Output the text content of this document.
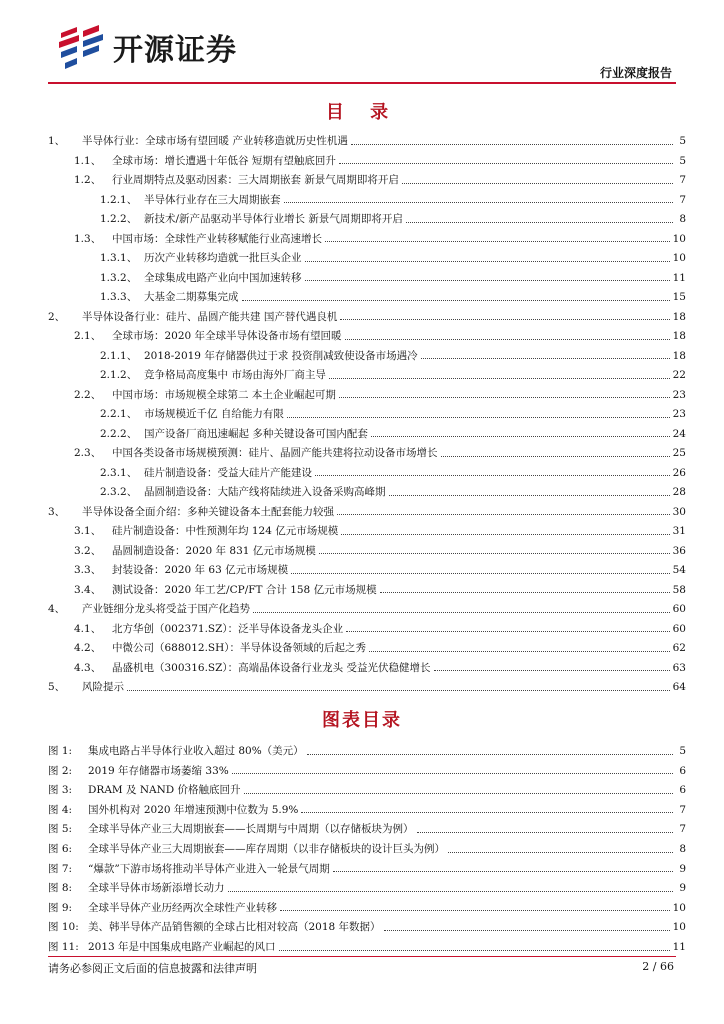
开源证券
行业深度报告
目 录
1、	半导体行业：全球市场有望回暖 产业转移造就历史性机遇	5
1.1、	全球市场：增长遭遇十年低谷 短期有望触底回升	5
1.2、	行业周期特点及驱动因素：三大周期嵌套 新景气周期即将开启	7
1.2.1、 半导体行业存在三大周期嵌套	7
1.2.2、 新技术/新产品驱动半导体行业增长 新景气周期即将开启	8
1.3、	中国市场：全球性产业转移赋能行业高速增长	10
1.3.1、 历次产业转移均造就一批巨头企业	10
1.3.2、 全球集成电路产业向中国加速转移	11
1.3.3、 大基金二期募集完成	15
2、	半导体设备行业：硅片、晶圆产能共建 国产替代遇良机	18
2.1、	全球市场：2020 年全球半导体设备市场有望回暖	18
2.1.1、 2018-2019 年存储器供过于求 投资削减致使设备市场遇冷	18
2.1.2、 竞争格局高度集中 市场由海外厂商主导	22
2.2、	中国市场：市场规模全球第二 本土企业崛起可期	23
2.2.1、 市场规模近千亿 自给能力有限	23
2.2.2、 国产设备厂商迅速崛起 多种关键设备可国内配套	24
2.3、	中国各类设备市场规模预测：硅片、晶圆产能共建将拉动设备市场增长	25
2.3.1、 硅片制造设备：受益大硅片产能建设	26
2.3.2、 晶圆制造设备：大陆产线将陆续进入设备采购高峰期	28
3、	半导体设备全面介绍：多种关键设备本土配套能力较强	30
3.1、	硅片制造设备：中性预测年均 124 亿元市场规模	31
3.2、	晶圆制造设备：2020 年 831 亿元市场规模	36
3.3、	封装设备：2020 年 63 亿元市场规模	54
3.4、	测试设备：2020 年工艺/CP/FT 合计 158 亿元市场规模	58
4、	产业链细分龙头将受益于国产化趋势	60
4.1、	北方华创（002371.SZ）：泛半导体设备龙头企业	60
4.2、	中微公司（688012.SH）：半导体设备领域的后起之秀	62
4.3、	晶盛机电（300316.SZ）：高端晶体设备行业龙头 受益光伏稳健增长	63
5、	风险提示	64
图表目录
图 1:	集成电路占半导体行业收入超过 80%（美元）	5
图 2:	2019 年存储器市场萎缩 33%	6
图 3:	DRAM 及 NAND 价格触底回升	6
图 4:	国外机构对 2020 年增速预测中位数为 5.9%	7
图 5:	全球半导体产业三大周期嵌套——长周期与中周期（以存储板块为例）	7
图 6:	全球半导体产业三大周期嵌套——库存周期（以非存储板块的设计巨头为例）	8
图 7:	“爆款”下游市场将推动半导体产业进入一轮景气周期	9
图 8:	全球半导体市场新添增长动力	9
图 9:	全球半导体产业历经两次全球性产业转移	10
图 10: 美、韩半导体产品销售额的全球占比相对较高（2018 年数据）	10
图 11: 2013 年是中国集成电路产业崛起的风口	11
请务必参阅正文后面的信息披露和法律声明	2 / 66
